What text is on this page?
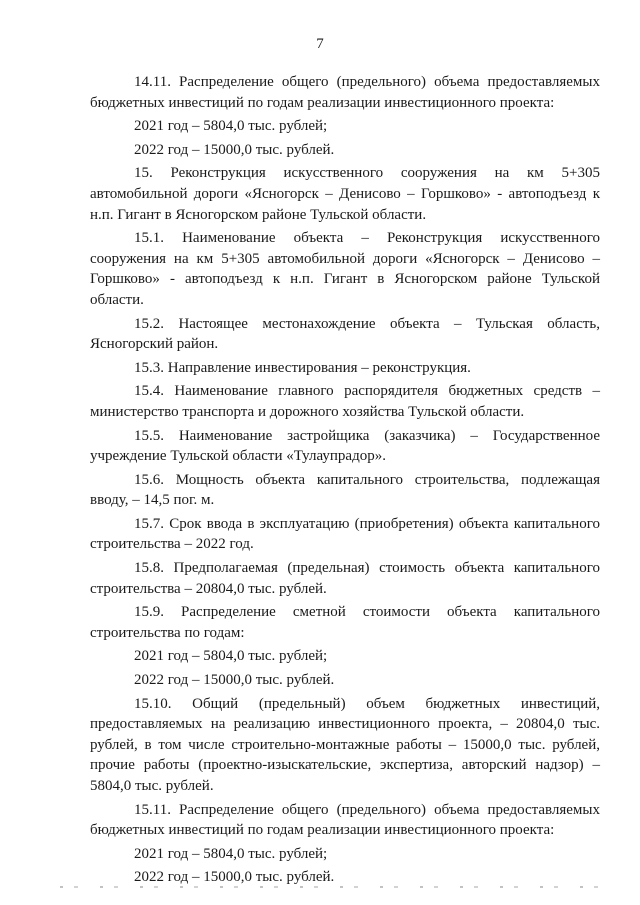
7

14.11. Распределение общего (предельного) объема предоставляемых бюджетных инвестиций по годам реализации инвестиционного проекта:

2021 год – 5804,0 тыс. рублей;

2022 год – 15000,0 тыс. рублей.

15. Реконструкция искусственного сооружения на км 5+305 автомобильной дороги «Ясногорск – Денисово – Горшково» - автоподъезд к н.п. Гигант в Ясногорском районе Тульской области.

15.1. Наименование объекта – Реконструкция искусственного сооружения на км 5+305 автомобильной дороги «Ясногорск – Денисово – Горшково» - автоподъезд к н.п. Гигант в Ясногорском районе Тульской области.

15.2. Настоящее местонахождение объекта – Тульская область, Ясногорский район.

15.3. Направление инвестирования – реконструкция.

15.4. Наименование главного распорядителя бюджетных средств – министерство транспорта и дорожного хозяйства Тульской области.

15.5. Наименование застройщика (заказчика) – Государственное учреждение Тульской области «Тулаупрадор».

15.6. Мощность объекта капитального строительства, подлежащая вводу, – 14,5 пог. м.

15.7. Срок ввода в эксплуатацию (приобретения) объекта капитального строительства – 2022 год.

15.8. Предполагаемая (предельная) стоимость объекта капитального строительства – 20804,0 тыс. рублей.

15.9. Распределение сметной стоимости объекта капитального строительства по годам:

2021 год – 5804,0 тыс. рублей;

2022 год – 15000,0 тыс. рублей.

15.10. Общий (предельный) объем бюджетных инвестиций, предоставляемых на реализацию инвестиционного проекта, – 20804,0 тыс. рублей, в том числе строительно-монтажные работы – 15000,0 тыс. рублей, прочие работы (проектно-изыскательские, экспертиза, авторский надзор) – 5804,0 тыс. рублей.

15.11. Распределение общего (предельного) объема предоставляемых бюджетных инвестиций по годам реализации инвестиционного проекта:

2021 год – 5804,0 тыс. рублей;

2022 год – 15000,0 тыс. рублей.
